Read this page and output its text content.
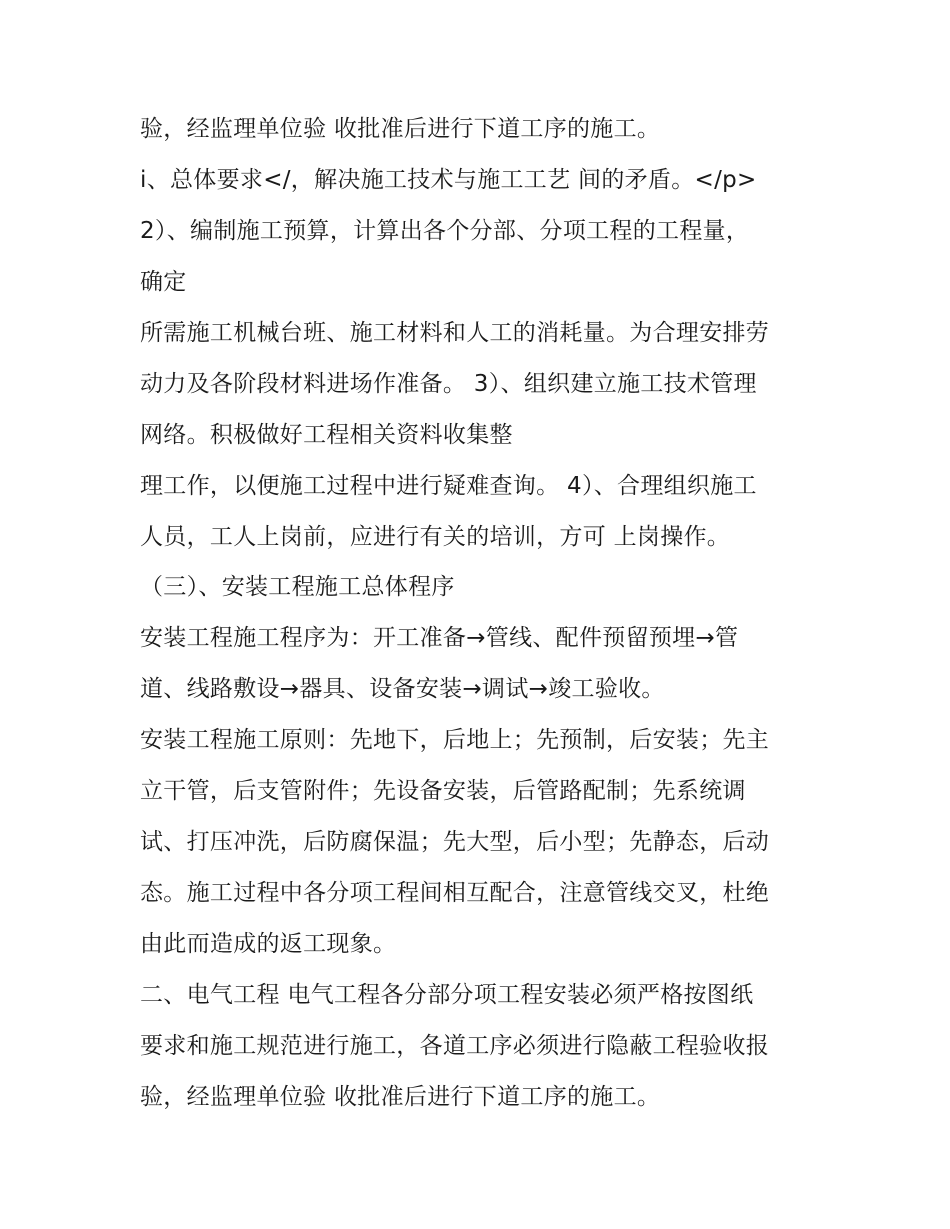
验，经监理单位验 收批准后进行下道工序的施工。
i、总体要求</，解决施工技术与施工工艺 间的矛盾。</p>
2）、编制施工预算，计算出各个分部、分项工程的工程量，
确定
所需施工机械台班、施工材料和人工的消耗量。为合理安排劳
动力及各阶段材料进场作准备。 3）、组织建立施工技术管理
网络。积极做好工程相关资料收集整
理工作，以便施工过程中进行疑难查询。 4）、合理组织施工
人员，工人上岗前，应进行有关的培训，方可 上岗操作。
（三）、安装工程施工总体程序
安装工程施工程序为：开工准备→管线、配件预留预埋→管
道、线路敷设→器具、设备安装→调试→竣工验收。
安装工程施工原则：先地下，后地上；先预制，后安装；先主
立干管，后支管附件；先设备安装，后管路配制；先系统调
试、打压冲洗，后防腐保温；先大型，后小型；先静态，后动
态。施工过程中各分项工程间相互配合，注意管线交叉，杜绝
由此而造成的返工现象。
二、电气工程 电气工程各分部分项工程安装必须严格按图纸
要求和施工规范进行施工，各道工序必须进行隐蔽工程验收报
验，经监理单位验 收批准后进行下道工序的施工。
